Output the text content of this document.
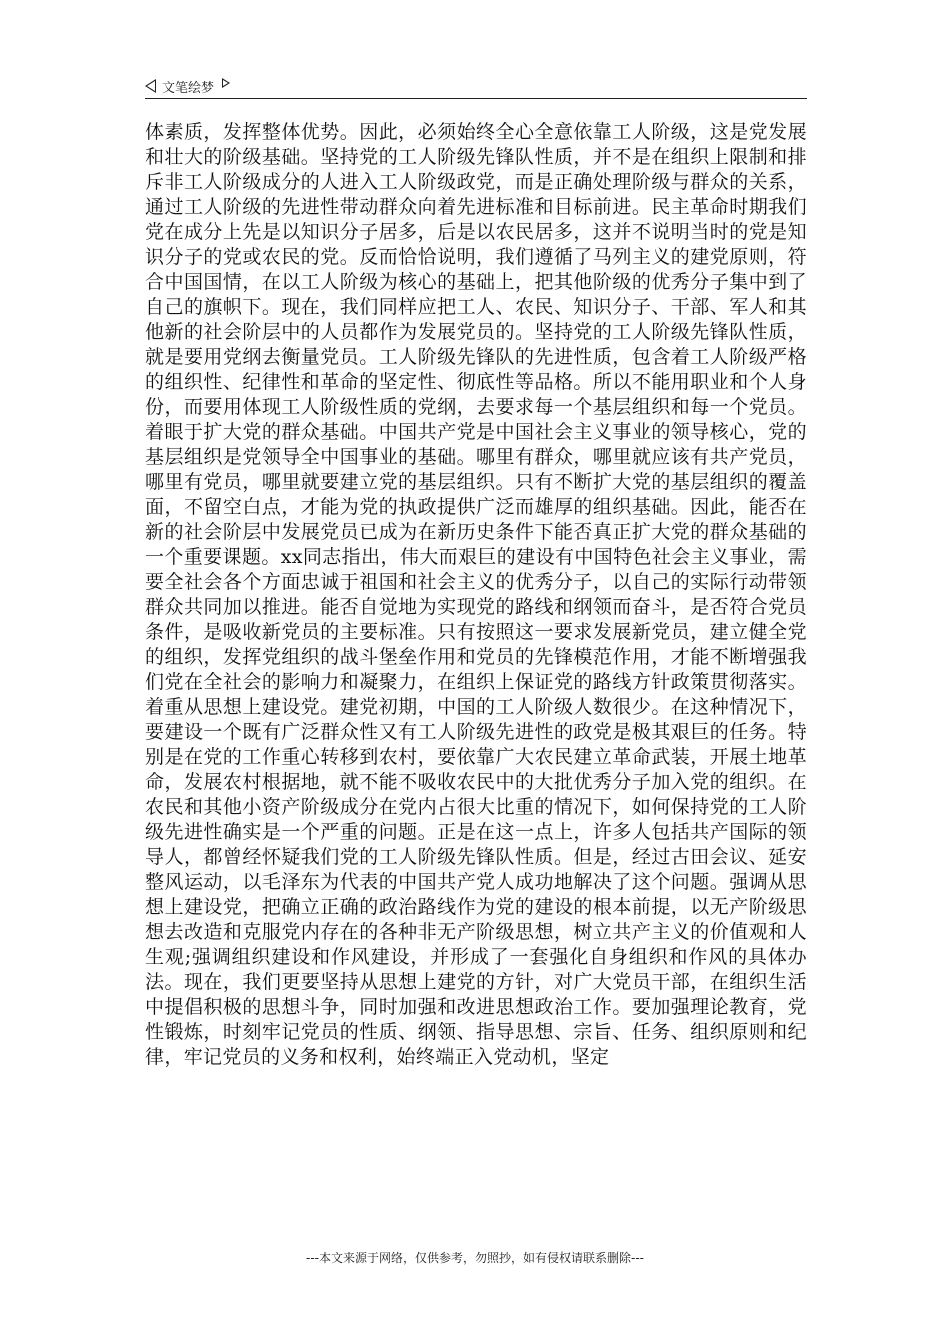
文笔绘梦

体素质，发挥整体优势。因此，必须始终全心全意依靠工人阶级，这是党发展和壮大的阶级基础。坚持党的工人阶级先锋队性质，并不是在组织上限制和排斥非工人阶级成分的人进入工人阶级政党，而是正确处理阶级与群众的关系，通过工人阶级的先进性带动群众向着先进标准和目标前进。民主革命时期我们党在成分上先是以知识分子居多，后是以农民居多，这并不说明当时的党是知识分子的党或农民的党。反而恰恰说明，我们遵循了马列主义的建党原则，符合中国国情，在以工人阶级为核心的基础上，把其他阶级的优秀分子集中到了自己的旗帜下。现在，我们同样应把工人、农民、知识分子、干部、军人和其他新的社会阶层中的人员都作为发展党员的。坚持党的工人阶级先锋队性质，就是要用党纲去衡量党员。工人阶级先锋队的先进性质，包含着工人阶级严格的组织性、纪律性和革命的坚定性、彻底性等品格。所以不能用职业和个人身份，而要用体现工人阶级性质的党纲，去要求每一个基层组织和每一个党员。着眼于扩大党的群众基础。中国共产党是中国社会主义事业的领导核心，党的基层组织是党领导全中国事业的基础。哪里有群众，哪里就应该有共产党员，哪里有党员，哪里就要建立党的基层组织。只有不断扩大党的基层组织的覆盖面，不留空白点，才能为党的执政提供广泛而雄厚的组织基础。因此，能否在新的社会阶层中发展党员已成为在新历史条件下能否真正扩大党的群众基础的一个重要课题。xx同志指出，伟大而艰巨的建设有中国特色社会主义事业，需要全社会各个方面忠诚于祖国和社会主义的优秀分子，以自己的实际行动带领群众共同加以推进。能否自觉地为实现党的路线和纲领而奋斗，是否符合党员条件，是吸收新党员的主要标准。只有按照这一要求发展新党员，建立健全党的组织，发挥党组织的战斗堡垒作用和党员的先锋模范作用，才能不断增强我们党在全社会的影响力和凝聚力，在组织上保证党的路线方针政策贯彻落实。着重从思想上建设党。建党初期，中国的工人阶级人数很少。在这种情况下，要建设一个既有广泛群众性又有工人阶级先进性的政党是极其艰巨的任务。特别是在党的工作重心转移到农村，要依靠广大农民建立革命武装，开展土地革命，发展农村根据地，就不能不吸收农民中的大批优秀分子加入党的组织。在农民和其他小资产阶级成分在党内占很大比重的情况下，如何保持党的工人阶级先进性确实是一个严重的问题。正是在这一点上，许多人包括共产国际的领导人，都曾经怀疑我们党的工人阶级先锋队性质。但是，经过古田会议、延安整风运动，以毛泽东为代表的中国共产党人成功地解决了这个问题。强调从思想上建设党，把确立正确的政治路线作为党的建设的根本前提，以无产阶级思想去改造和克服党内存在的各种非无产阶级思想，树立共产主义的价值观和人生观;强调组织建设和作风建设，并形成了一套强化自身组织和作风的具体办法。现在，我们更要坚持从思想上建党的方针，对广大党员干部，在组织生活中提倡积极的思想斗争，同时加强和改进思想政治工作。要加强理论教育，党性锻炼，时刻牢记党员的性质、纲领、指导思想、宗旨、任务、组织原则和纪律，牢记党员的义务和权利，始终端正入党动机，坚定

---本文来源于网络，仅供参考，勿照抄，如有侵权请联系删除---
